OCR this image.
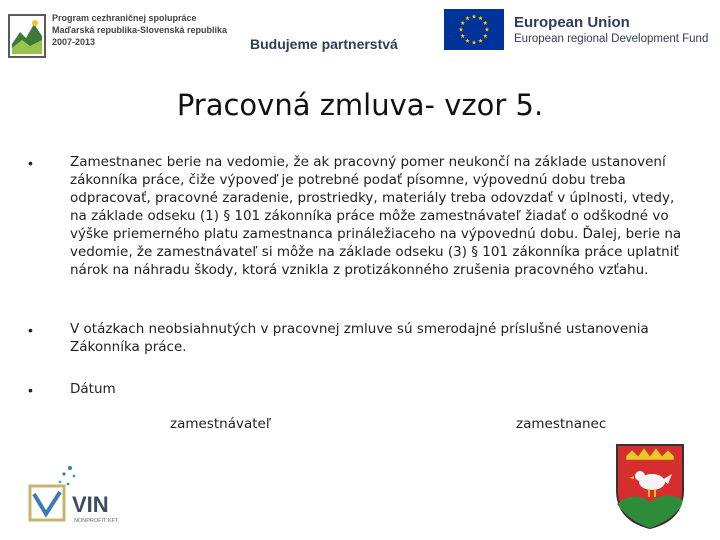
Program cezhraničnej spolupráce
Maďarská republika-Slovenská republika
2007-2013	Budujeme partnerstvá
European Union
European regional Development Fund
Pracovná zmluva- vzor 5.
•	Zamestnanec berie na vedomie, že ak pracovný pomer neukončí na základe ustanovení zákonníka práce, čiže výpoveď je potrebné podať písomne, výpovednú dobu treba odpracovať, pracovné zaradenie, prostriedky, materiály treba odovzdať v úplnosti, vtedy, na základe odseku (1) § 101 zákonníka práce môže zamestnávateľ žiadať o odškodné vo výške priemerného platu zamestnanca prináležiaceho na výpovednú dobu. Ďalej, berie na vedomie, že zamestnávateľ si môže na základe odseku (3) § 101 zákonníka práce uplatniť nárok na náhradu škody, ktorá vznikla z protizákonného zrušenia pracovného vzťahu.
•	V otázkach neobsiahnutých v pracovnej zmluve sú smerodajné príslušné ustanovenia Zákonníka práce.
•	Dátum
zamestnávateľ	zamestnanec
VIN
NONPROFIT KFT.
